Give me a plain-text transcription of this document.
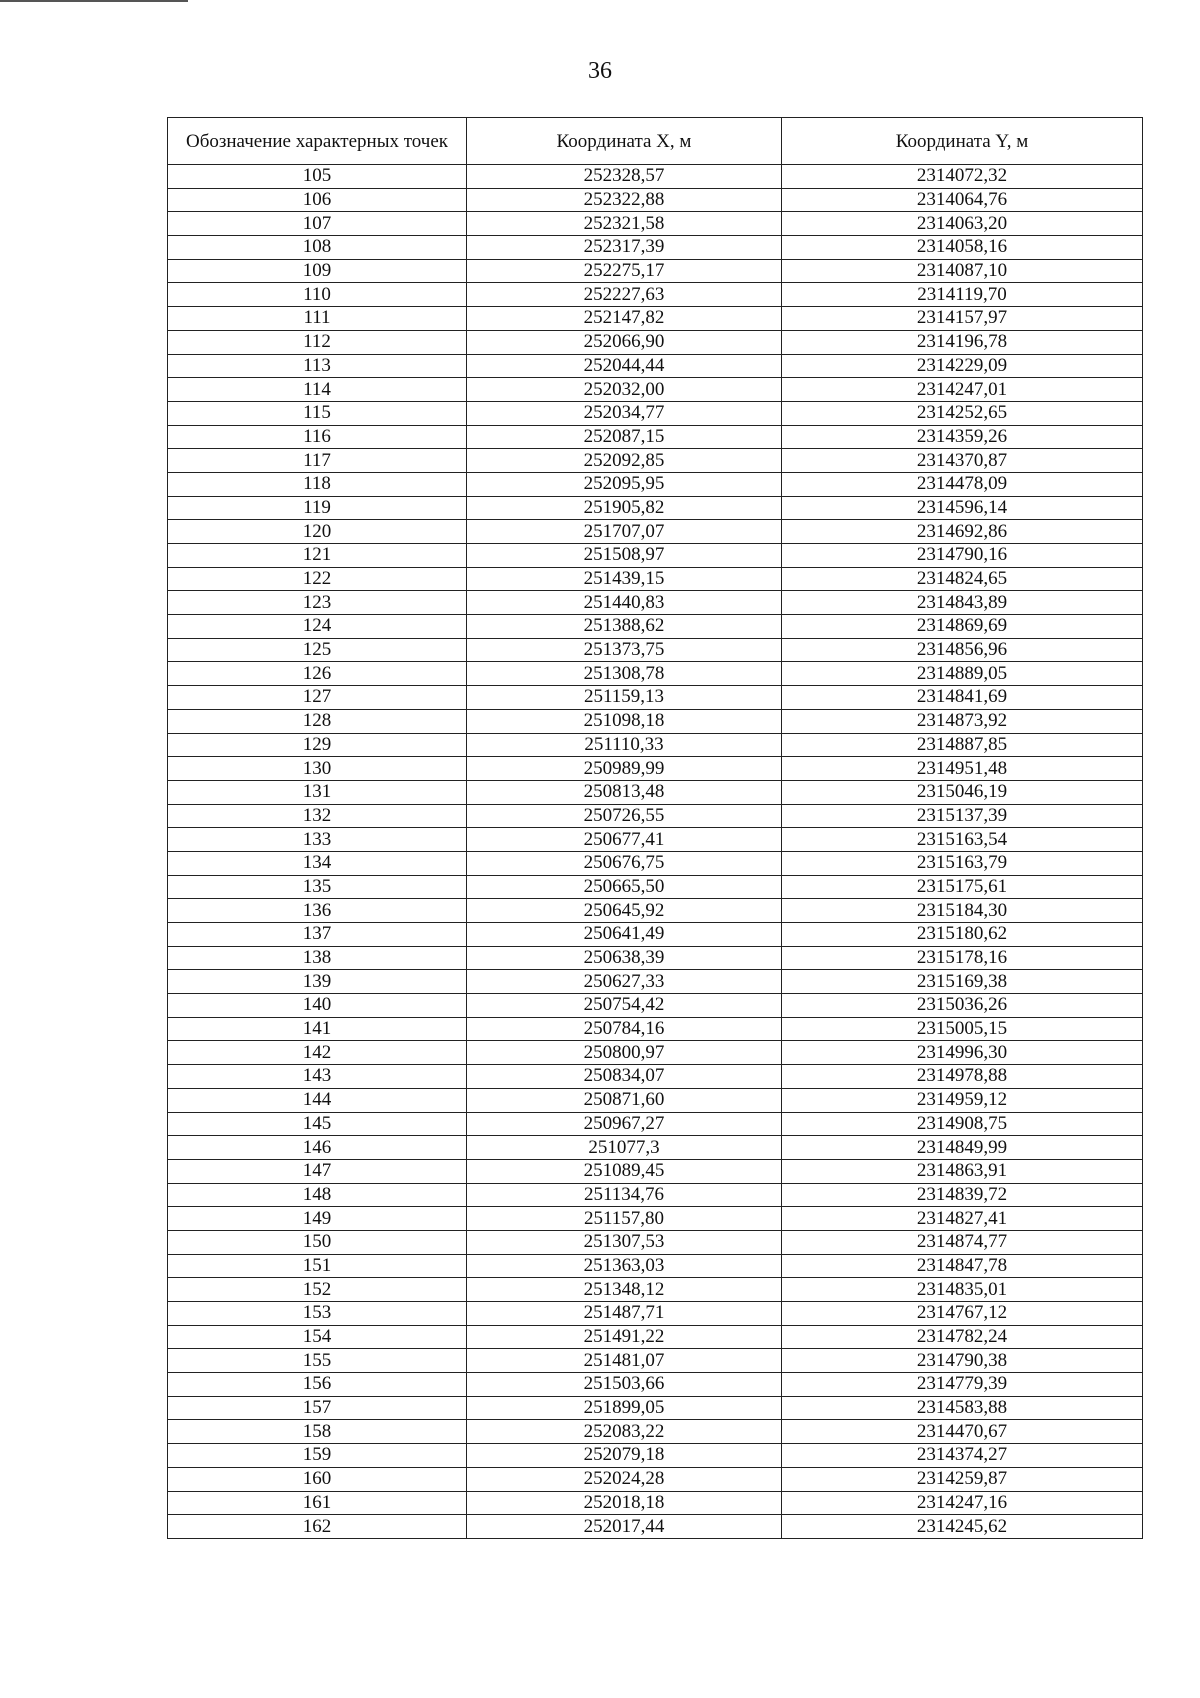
36
Обозначение характерных точек	Координата X, м	Координата Y, м
105	252328,57	2314072,32
106	252322,88	2314064,76
107	252321,58	2314063,20
108	252317,39	2314058,16
109	252275,17	2314087,10
110	252227,63	2314119,70
111	252147,82	2314157,97
112	252066,90	2314196,78
113	252044,44	2314229,09
114	252032,00	2314247,01
115	252034,77	2314252,65
116	252087,15	2314359,26
117	252092,85	2314370,87
118	252095,95	2314478,09
119	251905,82	2314596,14
120	251707,07	2314692,86
121	251508,97	2314790,16
122	251439,15	2314824,65
123	251440,83	2314843,89
124	251388,62	2314869,69
125	251373,75	2314856,96
126	251308,78	2314889,05
127	251159,13	2314841,69
128	251098,18	2314873,92
129	251110,33	2314887,85
130	250989,99	2314951,48
131	250813,48	2315046,19
132	250726,55	2315137,39
133	250677,41	2315163,54
134	250676,75	2315163,79
135	250665,50	2315175,61
136	250645,92	2315184,30
137	250641,49	2315180,62
138	250638,39	2315178,16
139	250627,33	2315169,38
140	250754,42	2315036,26
141	250784,16	2315005,15
142	250800,97	2314996,30
143	250834,07	2314978,88
144	250871,60	2314959,12
145	250967,27	2314908,75
146	251077,3	2314849,99
147	251089,45	2314863,91
148	251134,76	2314839,72
149	251157,80	2314827,41
150	251307,53	2314874,77
151	251363,03	2314847,78
152	251348,12	2314835,01
153	251487,71	2314767,12
154	251491,22	2314782,24
155	251481,07	2314790,38
156	251503,66	2314779,39
157	251899,05	2314583,88
158	252083,22	2314470,67
159	252079,18	2314374,27
160	252024,28	2314259,87
161	252018,18	2314247,16
162	252017,44	2314245,62
